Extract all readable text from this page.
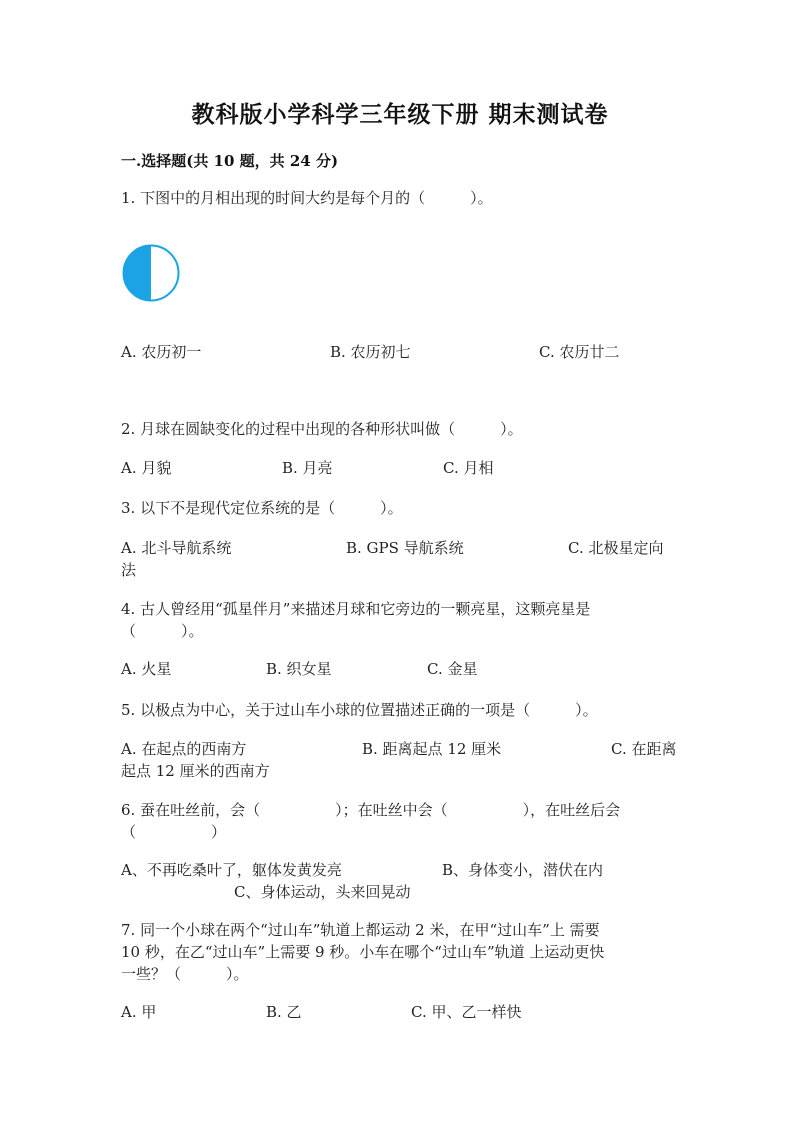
教科版小学科学三年级下册 期末测试卷
一.选择题(共 10 题，共 24 分)
1. 下图中的月相出现的时间大约是每个月的（　　　）。
A. 农历初一	B. 农历初七	C. 农历廿二
2. 月球在圆缺变化的过程中出现的各种形状叫做（　　　）。
A. 月貌	B. 月亮	C. 月相
3. 以下不是现代定位系统的是（　　　）。
A. 北斗导航系统	B. GPS 导航系统	C. 北极星定向
法
4. 古人曾经用“孤星伴月”来描述月球和它旁边的一颗亮星，这颗亮星是
（　　　）。
A. 火星	B. 织女星	C. 金星
5. 以极点为中心，关于过山车小球的位置描述正确的一项是（　　　）。
A. 在起点的西南方	B. 距离起点 12 厘米	C. 在距离
起点 12 厘米的西南方
6. 蚕在吐丝前，会（　　　　　）；在吐丝中会（　　　　　），在吐丝后会
（　　　　　）
A、不再吃桑叶了，躯体发黄发亮	B、身体变小，潜伏在内
C、身体运动，头来回晃动
7. 同一个小球在两个“过山车”轨道上都运动 2 米，在甲“过山车”上 需要
10 秒，在乙“过山车”上需要 9 秒。小车在哪个“过山车”轨道 上运动更快
一些？（　　　）。
A. 甲	B. 乙	C. 甲、乙一样快
